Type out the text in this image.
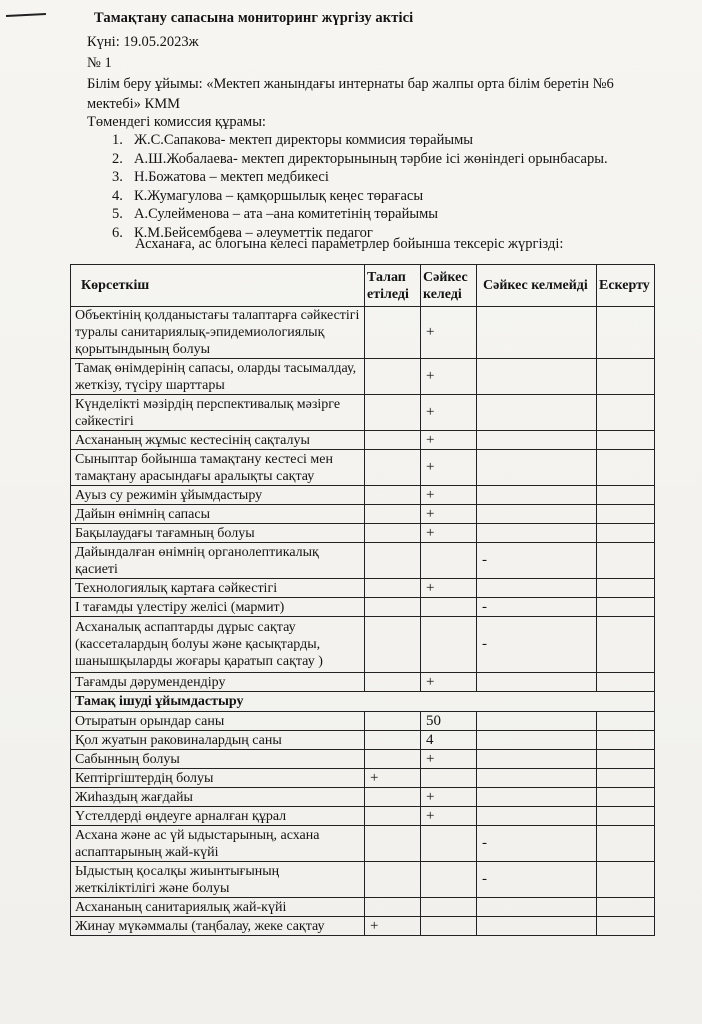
Тамақтану сапасына мониторинг жүргізу актісі
Күні: 19.05.2023ж
№ 1
Білім беру ұйымы: «Мектеп жанындағы интернаты бар жалпы орта білім беретін №6
мектебі» КММ
Төмендегі комиссия құрамы:
1. Ж.С.Сапакова- мектеп директоры коммисия төрайымы
2. А.Ш.Жобалаева- мектеп директорынының тәрбие ісі жөніндегі орынбасары.
3. Н.Божатова – мектеп медбикесі
4. К.Жумагулова – қамқоршылық кеңес төрағасы
5. А.Сулейменова – ата –ана комитетінің төрайымы
6. К.М.Бейсембаева – әлеуметтік педагог
Асханаға, ас блогына келесі параметрлер бойынша тексеріс жүргізді:
Көрсеткіш	Талап етіледі	Сәйкес келеді	Сәйкес келмейді	Ескерту
Объектінің қолданыстағы талаптарға сәйкестігі туралы санитариялық-эпидемиологиялық қорытындының болуы		+		
Тамақ өнімдерінің сапасы, оларды тасымалдау, жеткізу, түсіру шарттары		+		
Күнделікті мәзірдің перспективалық мәзірге сәйкестігі		+		
Асхананың жұмыс кестесінің сақталуы		+		
Сыныптар бойынша тамақтану кестесі мен тамақтану арасындағы аралықты сақтау		+		
Ауыз су режимін ұйымдастыру		+		
Дайын өнімнің сапасы		+		
Бақылаудағы тағамның болуы		+		
Дайындалған өнімнің органолептикалық қасиеті			-	
Технологиялық картаға сәйкестігі		+		
I тағамды үлестіру желісі (мармит)			-	
Асханалық аспаптарды дұрыс сақтау (кассеталардың болуы және қасықтарды, шанышқыларды жоғары қаратып сақтау )			-	
Тағамды дәрумендендіру		+		
Тамақ ішуді ұйымдастыру				
Отыратын орындар саны		50		
Қол жуатын раковиналардың саны		4		
Сабынның болуы		+		
Кептіргіштердің болуы	+			
Жиһаздың жағдайы		+		
Үстелдерді өңдеуге арналған құрал		+		
Асхана және ас үй ыдыстарының, асхана аспаптарының жай-күйі			-	
Ыдыстың қосалқы жиынтығының жеткіліктілігі және болуы			-	
Асхананың санитариялық жай-күйі				
Жинау мүкәммалы (таңбалау, жеке сақтау	+			
